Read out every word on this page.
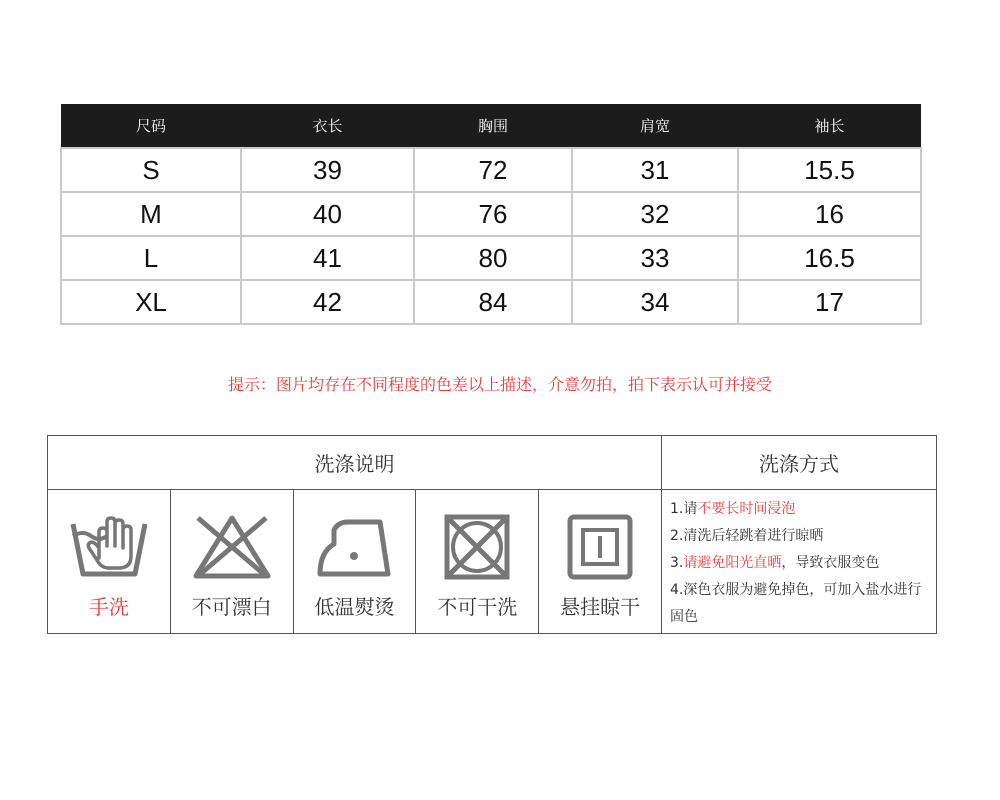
尺码	衣长	胸围	肩宽	袖长
S	39	72	31	15.5
M	40	76	32	16
L	41	80	33	16.5
XL	42	84	34	17
提示：图片均存在不同程度的色差以上描述，介意勿拍，拍下表示认可并接受
洗涤说明	洗涤方式
手洗	不可漂白	低温熨烫	不可干洗	悬挂晾干
1.请不要长时间浸泡
2.清洗后轻跳着进行晾晒
3.请避免阳光直晒，导致衣服变色
4.深色衣服为避免掉色，可加入盐水进行固色
